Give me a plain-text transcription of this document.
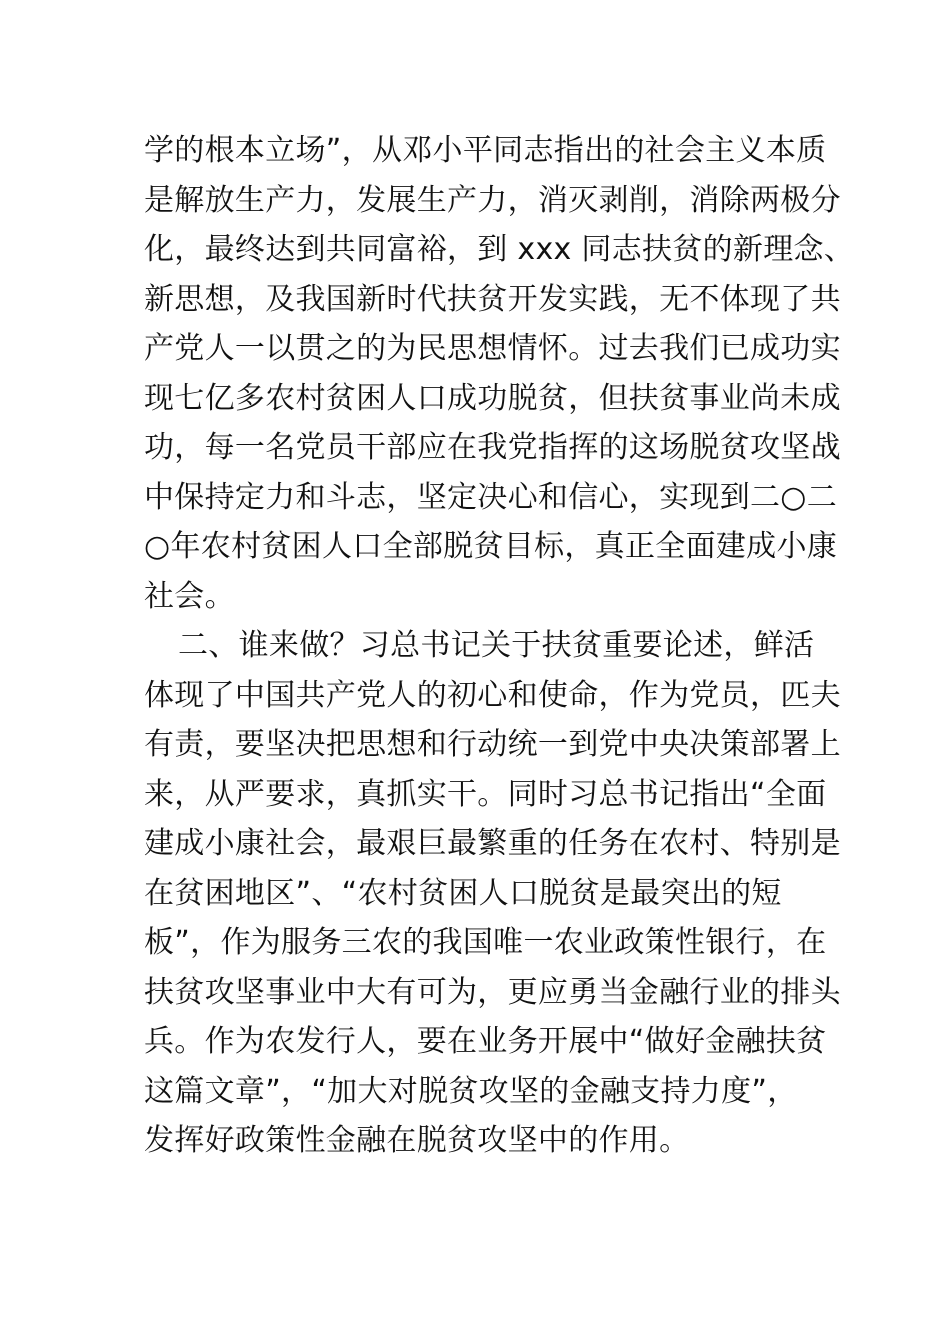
学的根本立场”，从邓小平同志指出的社会主义本质
是解放生产力，发展生产力，消灭剥削，消除两极分
化，最终达到共同富裕，到 xxx 同志扶贫的新理念、
新思想，及我国新时代扶贫开发实践，无不体现了共
产党人一以贯之的为民思想情怀。过去我们已成功实
现七亿多农村贫困人口成功脱贫，但扶贫事业尚未成
功，每一名党员干部应在我党指挥的这场脱贫攻坚战
中保持定力和斗志，坚定决心和信心，实现到二○二
○年农村贫困人口全部脱贫目标，真正全面建成小康
社会。
二、谁来做？习总书记关于扶贫重要论述，鲜活
体现了中国共产党人的初心和使命，作为党员，匹夫
有责，要坚决把思想和行动统一到党中央决策部署上
来，从严要求，真抓实干。同时习总书记指出“全面
建成小康社会，最艰巨最繁重的任务在农村、特别是
在贫困地区”、“农村贫困人口脱贫是最突出的短
板”，作为服务三农的我国唯一农业政策性银行，在
扶贫攻坚事业中大有可为，更应勇当金融行业的排头
兵。作为农发行人，要在业务开展中“做好金融扶贫
这篇文章”，“加大对脱贫攻坚的金融支持力度”，
发挥好政策性金融在脱贫攻坚中的作用。
